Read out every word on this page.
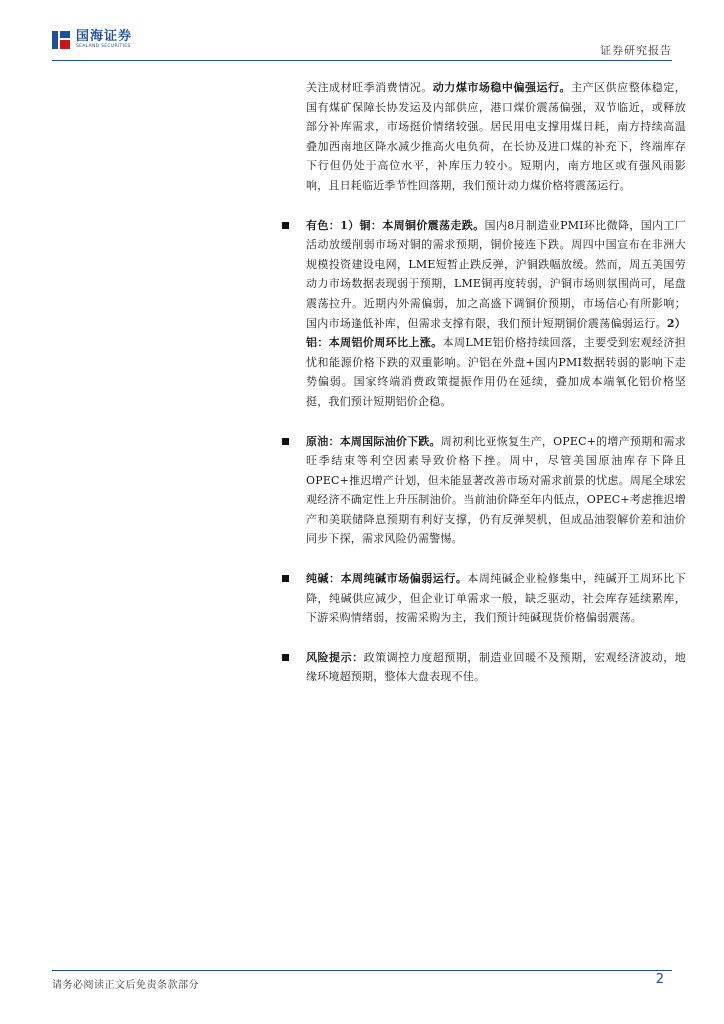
国海证券
SEALAND SECURITIES	证券研究报告

关注成材旺季消费情况。动力煤市场稳中偏强运行。主产区供应整体稳定，国有煤矿保障长协发运及内部供应，港口煤价震荡偏强，双节临近，或释放部分补库需求，市场挺价情绪较强。居民用电支撑用煤日耗，南方持续高温叠加西南地区降水减少推高火电负荷，在长协及进口煤的补充下，终端库存下行但仍处于高位水平，补库压力较小。短期内，南方地区或有强风雨影响，且日耗临近季节性回落期，我们预计动力煤价格将震荡运行。

有色：1）铜：本周铜价震荡走跌。国内8月制造业PMI环比微降，国内工厂活动放缓削弱市场对铜的需求预期，铜价接连下跌。周四中国宣布在非洲大规模投资建设电网，LME短暂止跌反弹，沪铜跌幅放缓。然而，周五美国劳动力市场数据表现弱于预期，LME铜再度转弱，沪铜市场则氛围尚可，尾盘震荡拉升。近期内外需偏弱，加之高盛下调铜价预期，市场信心有所影响；国内市场逢低补库，但需求支撑有限，我们预计短期铜价震荡偏弱运行。2）铝：本周铝价周环比上涨。本周LME铝价格持续回落，主要受到宏观经济担忧和能源价格下跌的双重影响。沪铝在外盘+国内PMI数据转弱的影响下走势偏弱。国家终端消费政策提振作用仍在延续，叠加成本端氧化铝价格坚挺，我们预计短期铝价企稳。

原油：本周国际油价下跌。周初利比亚恢复生产，OPEC+的增产预期和需求旺季结束等利空因素导致价格下挫。周中，尽管美国原油库存下降且OPEC+推迟增产计划，但未能显著改善市场对需求前景的忧虑。周尾全球宏观经济不确定性上升压制油价。当前油价降至年内低点，OPEC+考虑推迟增产和美联储降息预期有利好支撑，仍有反弹契机，但成品油裂解价差和油价同步下探，需求风险仍需警惕。

纯碱：本周纯碱市场偏弱运行。本周纯碱企业检修集中，纯碱开工周环比下降，纯碱供应减少，但企业订单需求一般，缺乏驱动，社会库存延续累库，下游采购情绪弱，按需采购为主，我们预计纯碱现货价格偏弱震荡。

风险提示：政策调控力度超预期，制造业回暖不及预期，宏观经济波动，地缘环境超预期，整体大盘表现不佳。

请务必阅读正文后免责条款部分	2
